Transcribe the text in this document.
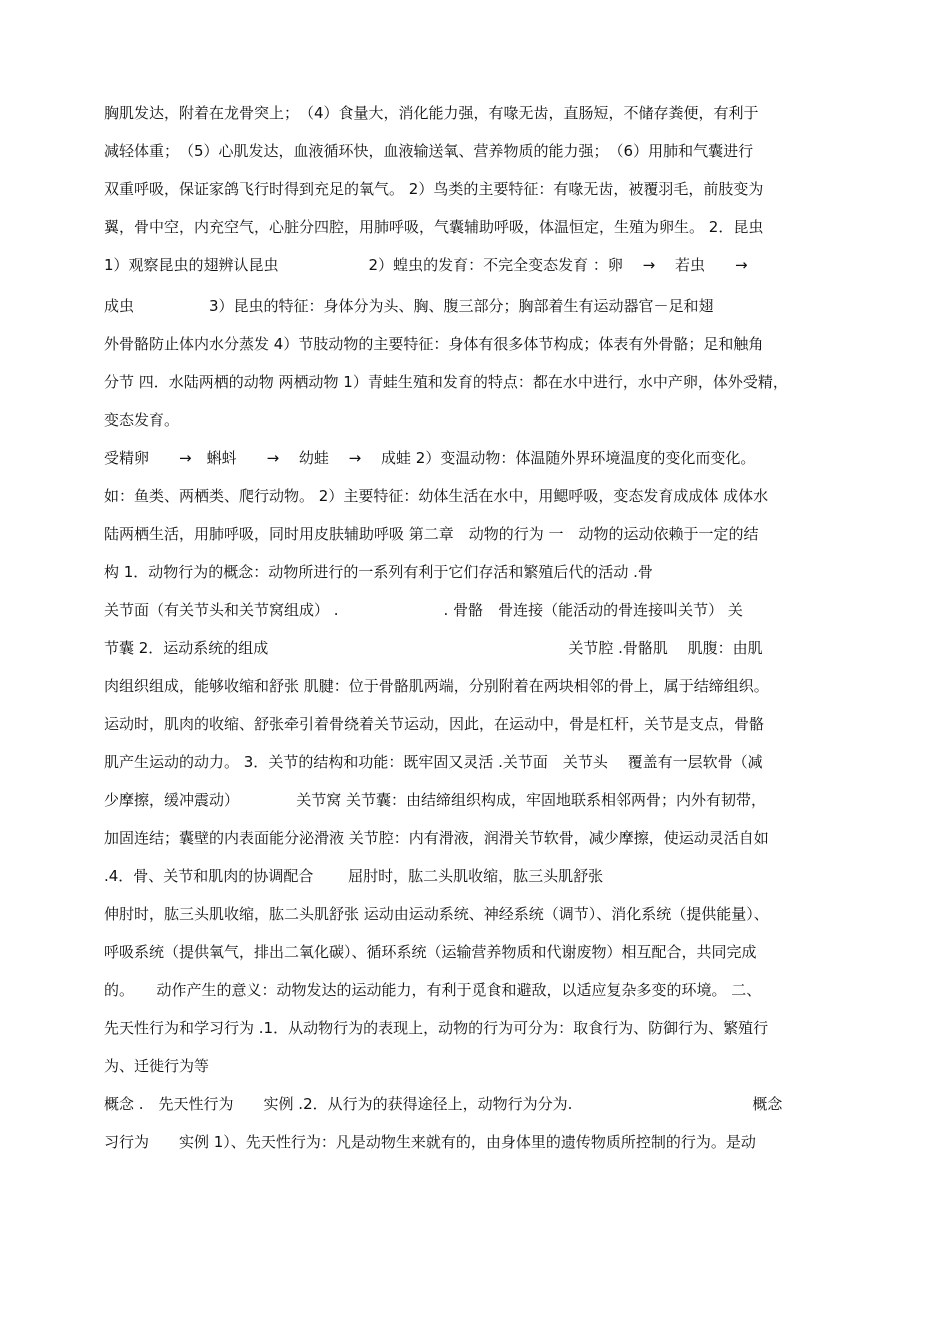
胸肌发达，附着在龙骨突上；　（4）食量大，消化能力强，有喙无齿，直肠短，不储存粪便，有利于
减轻体重；　（5）心肌发达，血液循环快，血液输送氧、营养物质的能力强；　（6）用肺和气囊进行
双重呼吸，保证家鸽飞行时得到充足的氧气。 2）鸟类的主要特征：有喙无齿，被覆羽毛，前肢变为
翼，骨中空，内充空气，心脏分四腔，用肺呼吸，气囊辅助呼吸，体温恒定，生殖为卵生。 2．昆虫
1）观察昆虫的翅辨认昆虫　　　　　　2）蝗虫的发育：不完全变态发育 ：卵　 →　 若虫　　→
成虫　　　　　3）昆虫的特征：身体分为头、胸、腹三部分；胸部着生有运动器官－足和翅
外骨骼防止体内水分蒸发 4）节肢动物的主要特征：身体有很多体节构成；体表有外骨骼；足和触角
分节 四．水陆两栖的动物 两栖动物 1）青蛙生殖和发育的特点：都在水中进行，水中产卵，体外受精，
变态发育。
受精卵　　→　蝌蚪　　→　 幼蛙　 →　 成蛙 2）变温动物：体温随外界环境温度的变化而变化。
如：鱼类、两栖类、爬行动物。 2）主要特征：幼体生活在水中，用鳃呼吸，变态发育成成体 成体水
陆两栖生活，用肺呼吸，同时用皮肤辅助呼吸 第二章　动物的行为 一　动物的运动依赖于一定的结
构 1．动物行为的概念：动物所进行的一系列有利于它们存活和繁殖后代的活动 .骨
关节面（有关节头和关节窝组成） .　　　　　　　. 骨骼　骨连接（能活动的骨连接叫关节） 关
节囊 2．运动系统的组成　　　　　　　　　　　　　　　　　　　　关节腔 .骨骼肌　 肌腹：由肌
肉组织组成，能够收缩和舒张 肌腱：位于骨骼肌两端，分别附着在两块相邻的骨上，属于结缔组织。
运动时，肌肉的收缩、舒张牵引着骨绕着关节运动，因此，在运动中，骨是杠杆，关节是支点，骨骼
肌产生运动的动力。 3．关节的结构和功能：既牢固又灵活 .关节面　关节头　 覆盖有一层软骨（减
少摩擦，缓冲震动）　　　　 关节窝 关节囊：由结缔组织构成，牢固地联系相邻两骨；内外有韧带，
加固连结；囊壁的内表面能分泌滑液 关节腔：内有滑液，润滑关节软骨，减少摩擦，使运动灵活自如
.4．骨、关节和肌肉的协调配合　　 屈肘时，肱二头肌收缩，肱三头肌舒张
伸肘时，肱三头肌收缩，肱二头肌舒张 运动由运动系统、神经系统（调节）、消化系统（提供能量）、
呼吸系统（提供氧气，排出二氧化碳）、循环系统（运输营养物质和代谢废物）相互配合，共同完成
的。　　动作产生的意义：动物发达的运动能力，有利于觅食和避敌，以适应复杂多变的环境。 二、
先天性行为和学习行为 .1．从动物行为的表现上，动物的行为可分为：取食行为、防御行为、繁殖行
为、迁徙行为等
概念 .　先天性行为　　实例 .2．从行为的获得途径上，动物行为分为.　　　　　　　　　　　　概念
习行为　　实例 1）、先天性行为：凡是动物生来就有的，由身体里的遗传物质所控制的行为。是动
